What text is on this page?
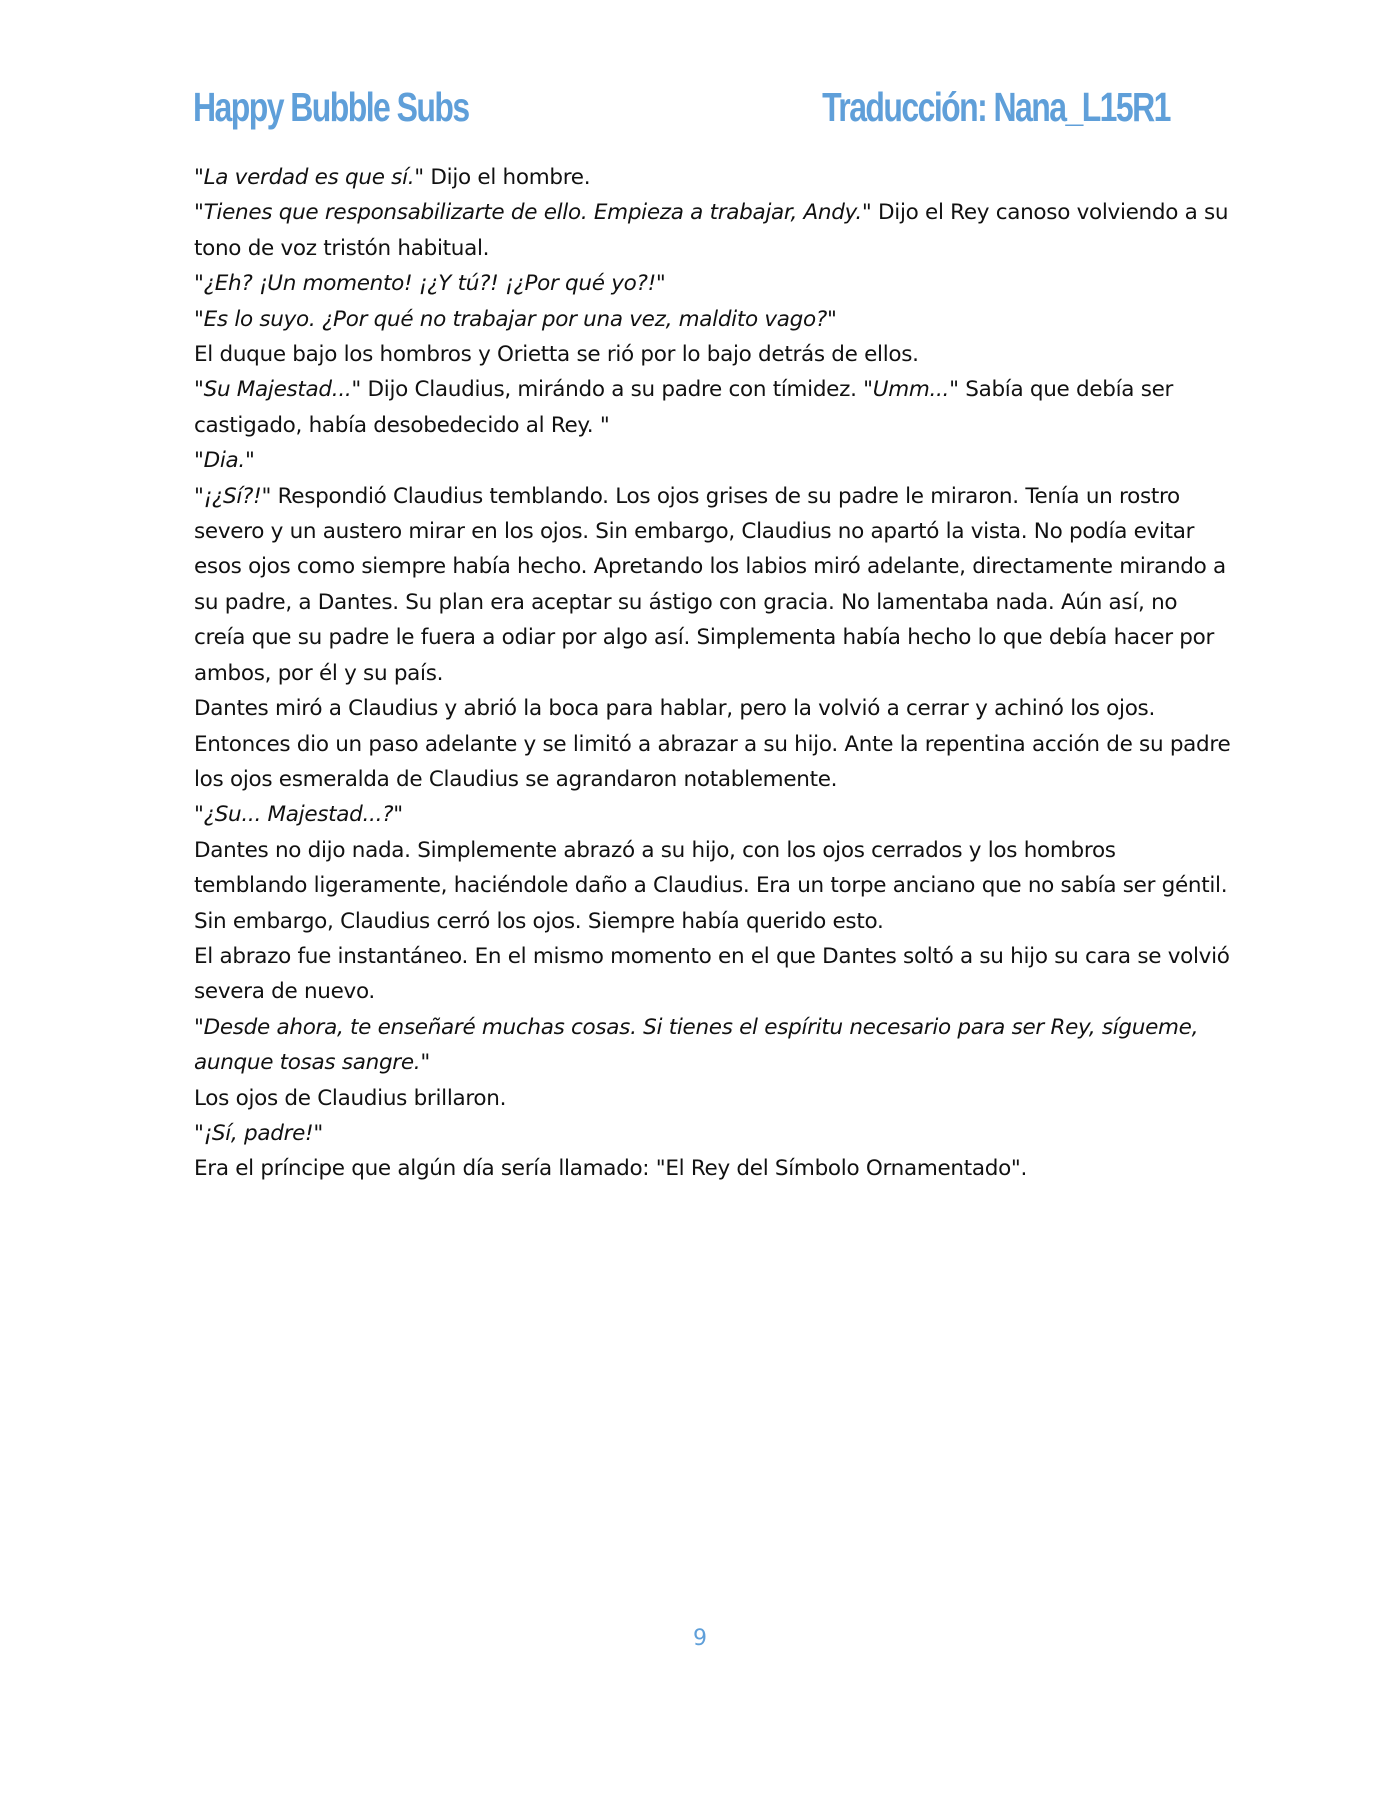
Happy Bubble Subs	Traducción: Nana_L15R1

"La verdad es que sí." Dijo el hombre.

"Tienes que responsabilizarte de ello. Empieza a trabajar, Andy." Dijo el Rey canoso volviendo a su tono de voz tristón habitual.

"¿Eh? ¡Un momento! ¡¿Y tú?! ¡¿Por qué yo?!"

"Es lo suyo. ¿Por qué no trabajar por una vez, maldito vago?"

El duque bajo los hombros y Orietta se rió por lo bajo detrás de ellos.

"Su Majestad..." Dijo Claudius, mirándo a su padre con tímidez. "Umm..." Sabía que debía ser castigado, había desobedecido al Rey. "

"Dia."

"¡¿Sí?!" Respondió Claudius temblando. Los ojos grises de su padre le miraron. Tenía un rostro severo y un austero mirar en los ojos. Sin embargo, Claudius no apartó la vista. No podía evitar esos ojos como siempre había hecho. Apretando los labios miró adelante, directamente mirando a su padre, a Dantes. Su plan era aceptar su ástigo con gracia. No lamentaba nada. Aún así, no creía que su padre le fuera a odiar por algo así. Simplementa había hecho lo que debía hacer por ambos, por él y su país.

Dantes miró a Claudius y abrió la boca para hablar, pero la volvió a cerrar y achinó los ojos. Entonces dio un paso adelante y se limitó a abrazar a su hijo. Ante la repentina acción de su padre los ojos esmeralda de Claudius se agrandaron notablemente.

"¿Su... Majestad...?"

Dantes no dijo nada. Simplemente abrazó a su hijo, con los ojos cerrados y los hombros temblando ligeramente, haciéndole daño a Claudius. Era un torpe anciano que no sabía ser géntil. Sin embargo, Claudius cerró los ojos. Siempre había querido esto.

El abrazo fue instantáneo. En el mismo momento en el que Dantes soltó a su hijo su cara se volvió severa de nuevo.

"Desde ahora, te enseñaré muchas cosas. Si tienes el espíritu necesario para ser Rey, sígueme, aunque tosas sangre."

Los ojos de Claudius brillaron.

"¡Sí, padre!"

Era el príncipe que algún día sería llamado: "El Rey del Símbolo Ornamentado".

9
